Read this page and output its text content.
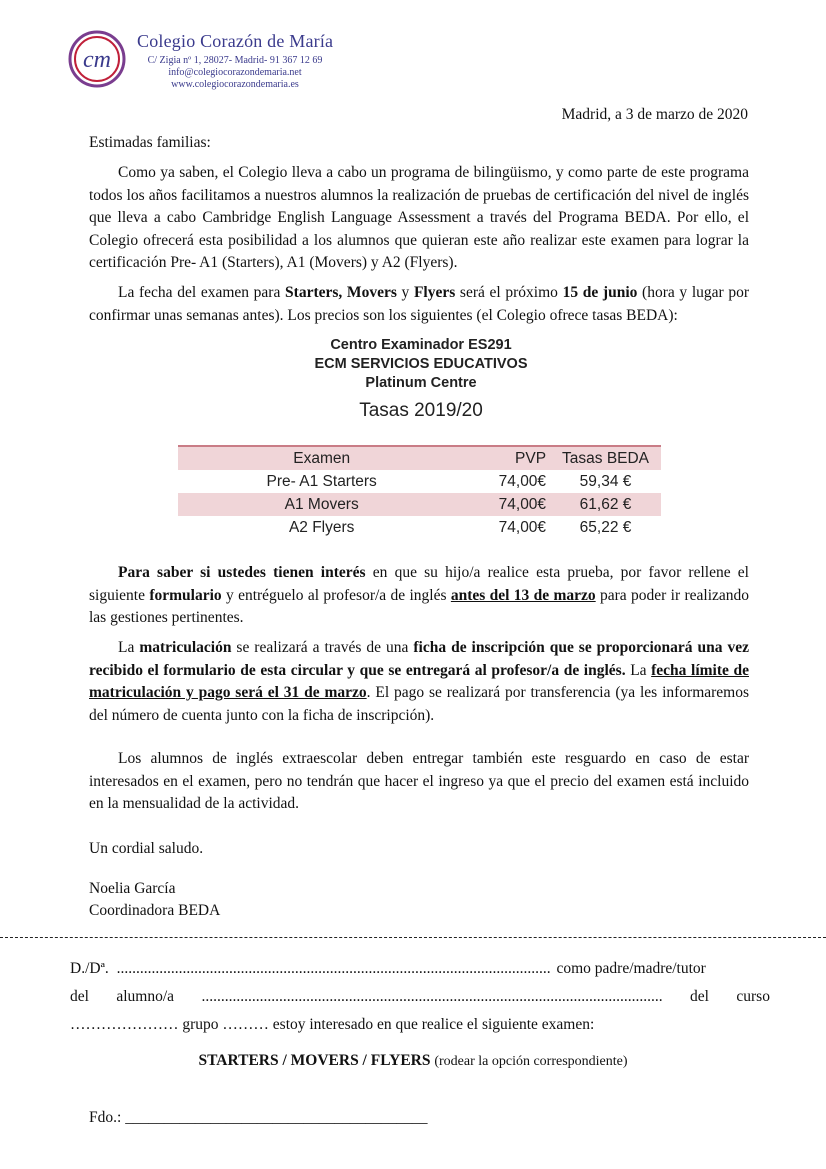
cm
Colegio Corazón de María
C/ Zigia nº 1, 28027- Madrid- 91 367 12 69
info@colegiocorazondemaria.net
www.colegiocorazondemaria.es
Madrid, a 3 de marzo de 2020
Estimadas familias:
Como ya saben, el Colegio lleva a cabo un programa de bilingüismo, y como parte de este programa todos los años facilitamos a nuestros alumnos la realización de pruebas de certificación del nivel de inglés que lleva a cabo Cambridge English Language Assessment a través del Programa BEDA. Por ello, el Colegio ofrecerá esta posibilidad a los alumnos que quieran este año realizar este examen para lograr la certificación Pre- A1 (Starters), A1 (Movers) y A2 (Flyers).
La fecha del examen para Starters, Movers y Flyers será el próximo 15 de junio (hora y lugar por confirmar unas semanas antes). Los precios son los siguientes (el Colegio ofrece tasas BEDA):
Centro Examinador ES291
ECM SERVICIOS EDUCATIVOS
Platinum Centre
Tasas 2019/20
Examen	PVP	Tasas BEDA
Pre- A1 Starters	74,00€	59,34 €
A1 Movers	74,00€	61,62 €
A2 Flyers	74,00€	65,22 €
Para saber si ustedes tienen interés en que su hijo/a realice esta prueba, por favor rellene el siguiente formulario y entréguelo al profesor/a de inglés antes del 13 de marzo para poder ir realizando las gestiones pertinentes.
La matriculación se realizará a través de una ficha de inscripción que se proporcionará una vez recibido el formulario de esta circular y que se entregará al profesor/a de inglés. La fecha límite de matriculación y pago será el 31 de marzo. El pago se realizará por transferencia (ya les informaremos del número de cuenta junto con la ficha de inscripción).
Los alumnos de inglés extraescolar deben entregar también este resguardo en caso de estar interesados en el examen, pero no tendrán que hacer el ingreso ya que el precio del examen está incluido en la mensualidad de la actividad.
Un cordial saludo.
Noelia García
Coordinadora BEDA
D./Dª. ................................................................................................................ como padre/madre/tutor
del alumno/a ....................................................................................................................... del curso
………………… grupo ……… estoy interesado en que realice el siguiente examen:
STARTERS / MOVERS / FLYERS (rodear la opción correspondiente)
Fdo.: _______________________________________
